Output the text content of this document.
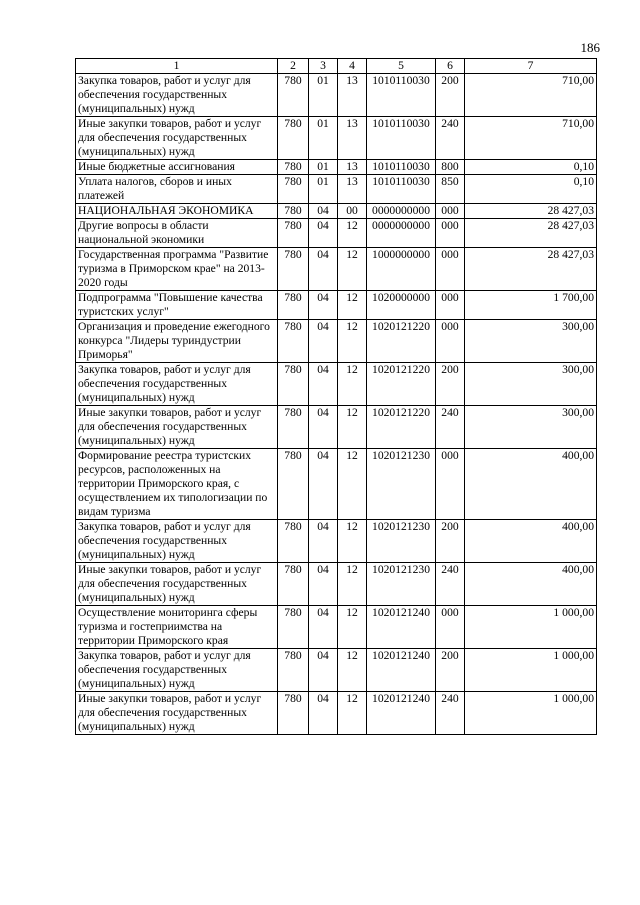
186
1	2	3	4	5	6	7
Закупка товаров, работ и услуг для обеспечения государственных (муниципальных) нужд	780	01	13	1010110030	200	710,00
Иные закупки товаров, работ и услуг для обеспечения государственных (муниципальных) нужд	780	01	13	1010110030	240	710,00
Иные бюджетные ассигнования	780	01	13	1010110030	800	0,10
Уплата налогов, сборов и иных платежей	780	01	13	1010110030	850	0,10
НАЦИОНАЛЬНАЯ ЭКОНОМИКА	780	04	00	0000000000	000	28 427,03
Другие вопросы в области национальной экономики	780	04	12	0000000000	000	28 427,03
Государственная программа "Развитие туризма в Приморском крае" на 2013-2020 годы	780	04	12	1000000000	000	28 427,03
Подпрограмма "Повышение качества туристских услуг"	780	04	12	1020000000	000	1 700,00
Организация и проведение ежегодного конкурса "Лидеры туриндустрии Приморья"	780	04	12	1020121220	000	300,00
Закупка товаров, работ и услуг для обеспечения государственных (муниципальных) нужд	780	04	12	1020121220	200	300,00
Иные закупки товаров, работ и услуг для обеспечения государственных (муниципальных) нужд	780	04	12	1020121220	240	300,00
Формирование реестра туристских ресурсов, расположенных на территории Приморского края, с осуществлением их типологизации по видам туризма	780	04	12	1020121230	000	400,00
Закупка товаров, работ и услуг для обеспечения государственных (муниципальных) нужд	780	04	12	1020121230	200	400,00
Иные закупки товаров, работ и услуг для обеспечения государственных (муниципальных) нужд	780	04	12	1020121230	240	400,00
Осуществление мониторинга сферы туризма и гостеприимства на территории Приморского края	780	04	12	1020121240	000	1 000,00
Закупка товаров, работ и услуг для обеспечения государственных (муниципальных) нужд	780	04	12	1020121240	200	1 000,00
Иные закупки товаров, работ и услуг для обеспечения государственных (муниципальных) нужд	780	04	12	1020121240	240	1 000,00
